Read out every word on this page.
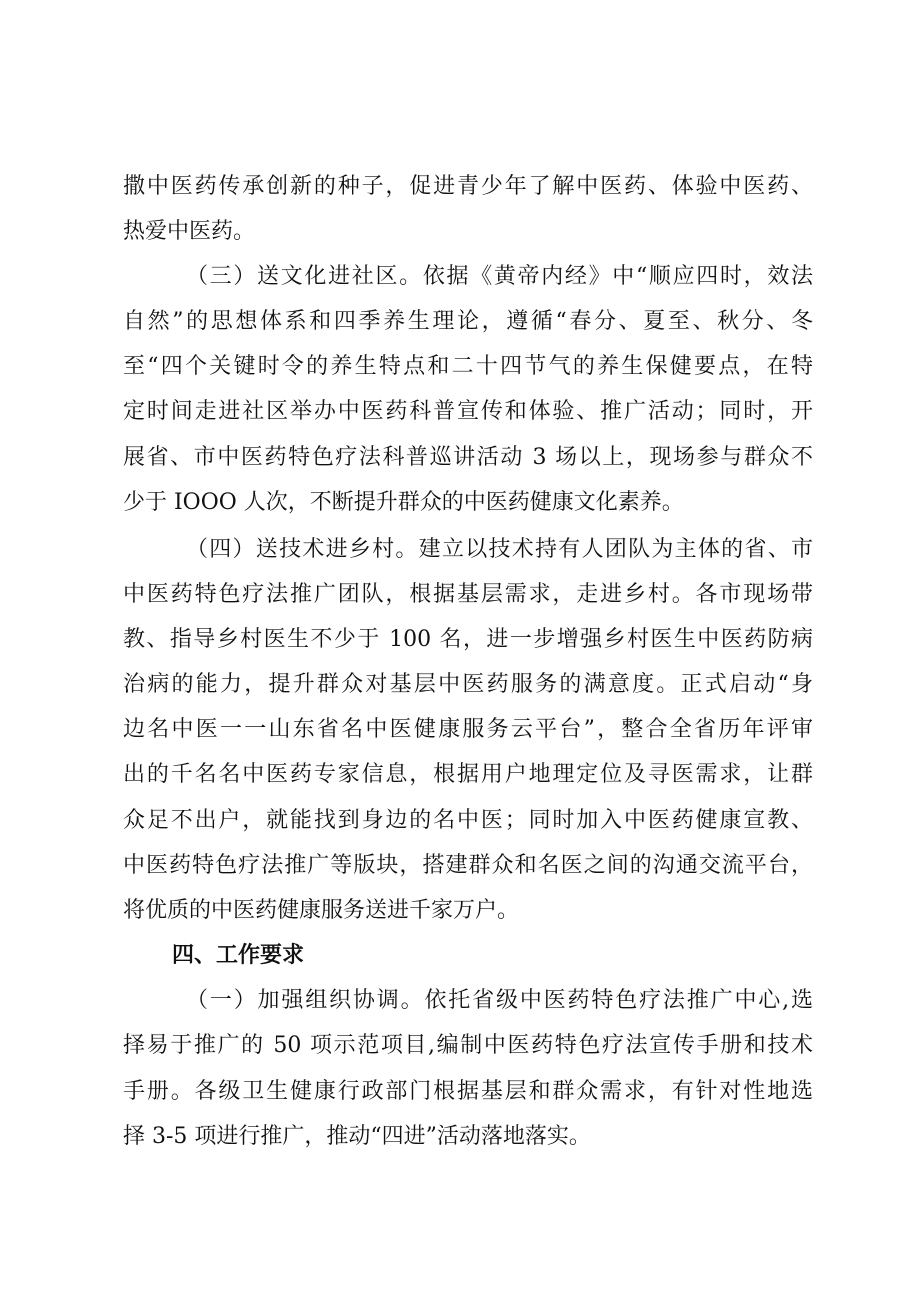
撒中医药传承创新的种子，促进青少年了解中医药、体验中医药、
热爱中医药。
（三）送文化进社区。依据《黄帝内经》中“顺应四时，效法
自然”的思想体系和四季养生理论，遵循“春分、夏至、秋分、冬
至“四个关键时令的养生特点和二十四节气的养生保健要点，在特
定时间走进社区举办中医药科普宣传和体验、推广活动；同时，开
展省、市中医药特色疗法科普巡讲活动 3 场以上，现场参与群众不
少于 IOOO 人次，不断提升群众的中医药健康文化素养。
（四）送技术进乡村。建立以技术持有人团队为主体的省、市
中医药特色疗法推广团队，根据基层需求，走进乡村。各市现场带
教、指导乡村医生不少于 100 名，进一步增强乡村医生中医药防病
治病的能力，提升群众对基层中医药服务的满意度。正式启动“身
边名中医一一山东省名中医健康服务云平台”，整合全省历年评审
出的千名名中医药专家信息，根据用户地理定位及寻医需求，让群
众足不出户，就能找到身边的名中医；同时加入中医药健康宣教、
中医药特色疗法推广等版块，搭建群众和名医之间的沟通交流平台，
将优质的中医药健康服务送进千家万户。
四、工作要求
（一）加强组织协调。依托省级中医药特色疗法推广中心,选
择易于推广的 50 项示范项目,编制中医药特色疗法宣传手册和技术
手册。各级卫生健康行政部门根据基层和群众需求，有针对性地选
择 3-5 项进行推广，推动“四进”活动落地落实。
